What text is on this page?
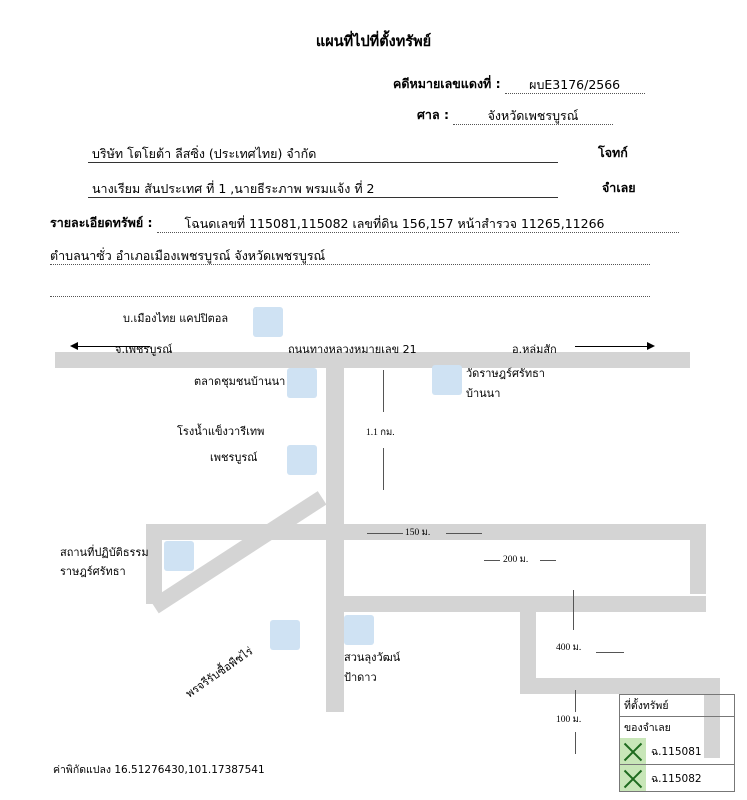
แผนที่ไปที่ตั้งทรัพย์
คดีหมายเลขแดงที่ : ผบE3176/2566
ศาล :	จังหวัดเพชรบูรณ์
บริษัท โตโยต้า ลีสซิ่ง (ประเทศไทย) จำกัด	โจทก์
นางเรียม สันประเทศ ที่ 1 ,นายธีระภาพ พรมแจ้ง ที่ 2	จำเลย
รายละเอียดทรัพย์ :	โฉนดเลขที่ 115081,115082 เลขที่ดิน 156,157 หน้าสำรวจ 11265,11266
ตำบลนาซั่ว อำเภอเมืองเพชรบูรณ์ จังหวัดเพชรบูรณ์

จ.เพชรบูรณ์	อ.หล่มสัก
ถนนทางหลวงหมายเลข 21
บ.เมืองไทย แคปปิตอล
ตลาดชุมชนบ้านนา
โรงน้ำแข็งวารีเทพ
เพชรบูรณ์
วัดราษฎร์ศรัทธา
บ้านนา
สถานที่ปฏิบัติธรรม
ราษฎร์ศรัทธา
สวนลุงวัฒน์
ป้าดาว
พรจรีรับซื้อพืชไร่
1.1 กม.
150 ม.
200 ม.
400 ม.
100 ม.
ที่ตั้งทรัพย์
ของจำเลย
ฉ.115081
ฉ.115082
ค่าพิกัดแปลง 16.51276430,101.17387541
